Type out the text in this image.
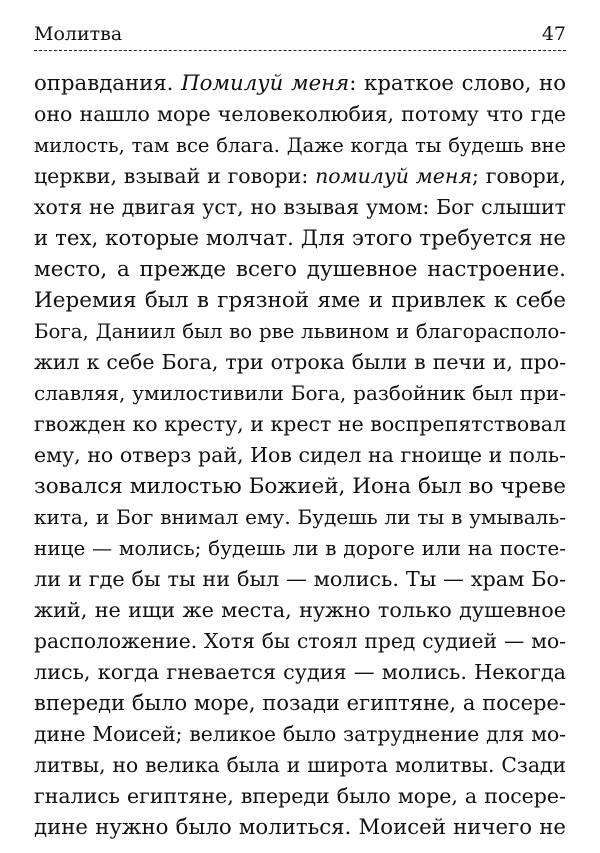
Молитва	47
оправдания. Помилуй меня: краткое слово, но
оно нашло море человеколюбия, потому что где
милость, там все блага. Даже когда ты будешь вне
церкви, взывай и говори: помилуй меня; говори,
хотя не двигая уст, но взывая умом: Бог слышит
и тех, которые молчат. Для этого требуется не
место, а прежде всего душевное настроение.
Иеремия был в грязной яме и привлек к себе
Бога, Даниил был во рве львином и благорасполо-
жил к себе Бога, три отрока были в печи и, про-
славляя, умилостивили Бога, разбойник был при-
гвожден ко кресту, и крест не воспрепятствовал
ему, но отверз рай, Иов сидел на гноище и поль-
зовался милостью Божией, Иона был во чреве
кита, и Бог внимал ему. Будешь ли ты в умываль-
нице — молись; будешь ли в дороге или на посте-
ли и где бы ты ни был — молись. Ты — храм Бо-
жий, не ищи же места, нужно только душевное
расположение. Хотя бы стоял пред судией — мо-
лись, когда гневается судия — молись. Некогда
впереди было море, позади египтяне, а посере-
дине Моисей; великое было затруднение для мо-
литвы, но велика была и широта молитвы. Сзади
гнались египтяне, впереди было море, а посере-
дине нужно было молиться. Моисей ничего не
